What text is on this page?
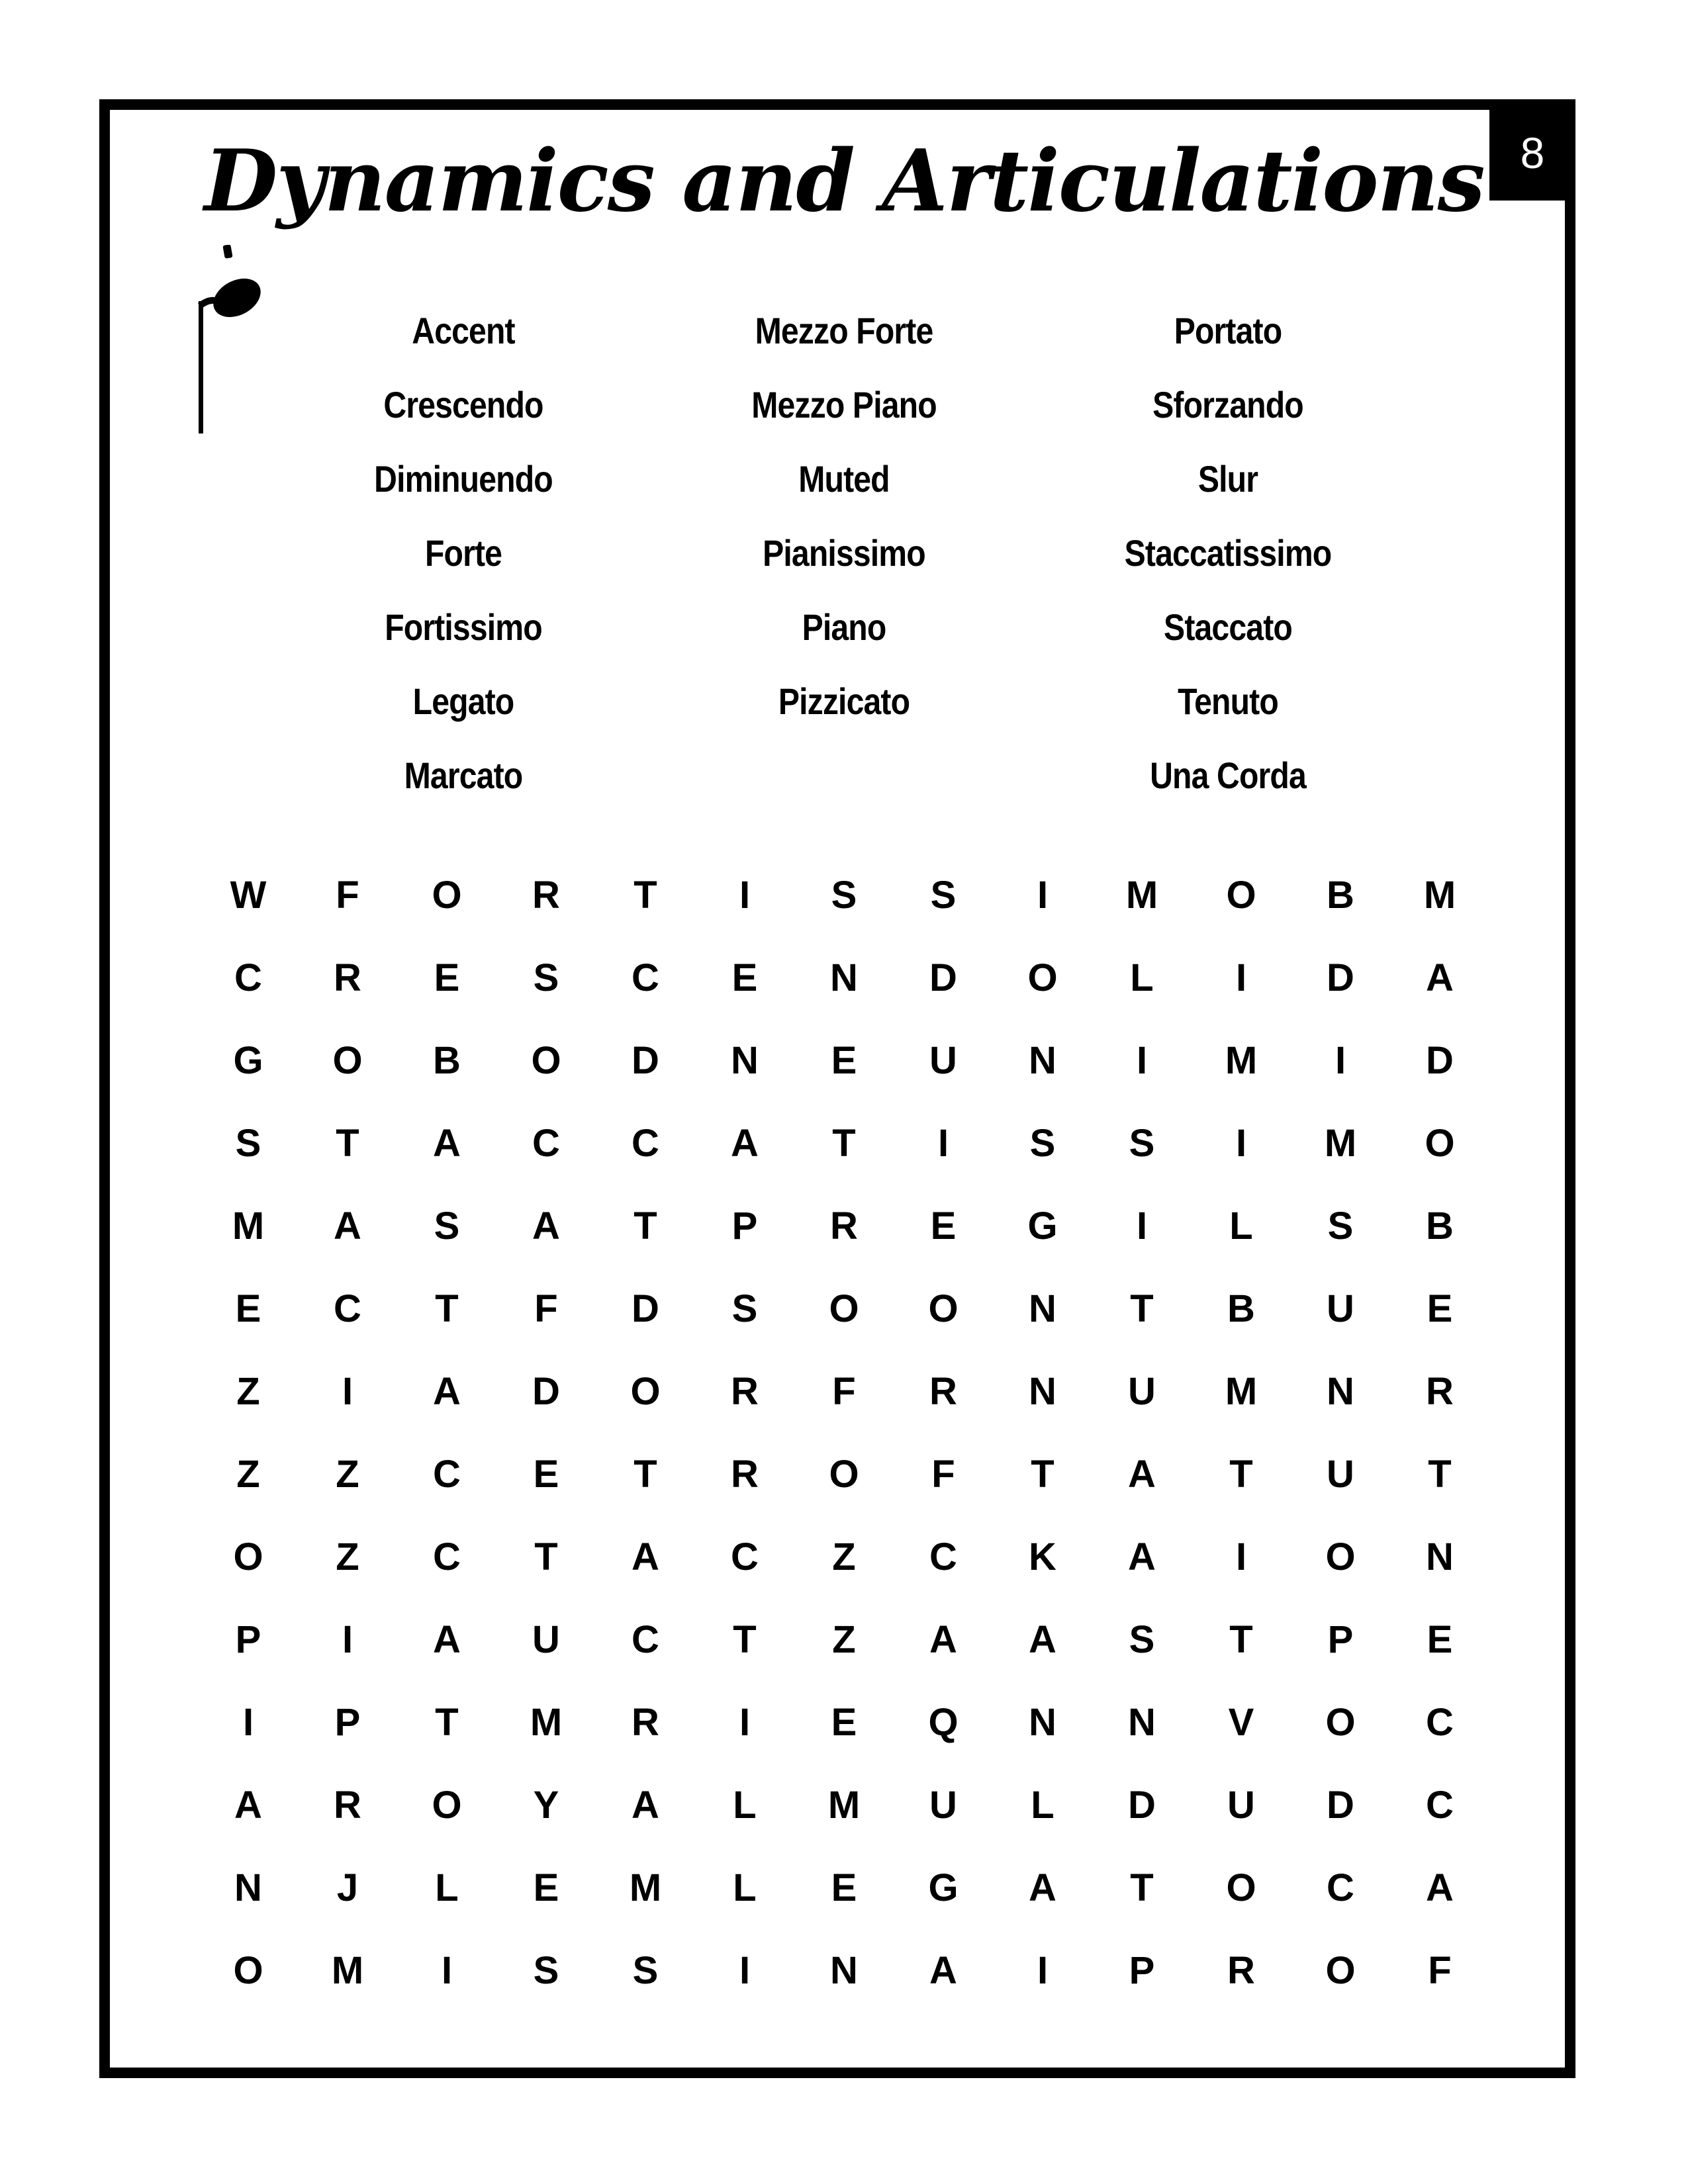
8
Dynamics and Articulations
Accent
Crescendo
Diminuendo
Forte
Fortissimo
Legato
Marcato
Mezzo Forte
Mezzo Piano
Muted
Pianissimo
Piano
Pizzicato
Portato
Sforzando
Slur
Staccatissimo
Staccato
Tenuto
Una Corda
W	F	O	R	T	I	S	S	I	M	O	B	M
C	R	E	S	C	E	N	D	O	L	I	D	A
G	O	B	O	D	N	E	U	N	I	M	I	D
S	T	A	C	C	A	T	I	S	S	I	M	O
M	A	S	A	T	P	R	E	G	I	L	S	B
E	C	T	F	D	S	O	O	N	T	B	U	E
Z	I	A	D	O	R	F	R	N	U	M	N	R
Z	Z	C	E	T	R	O	F	T	A	T	U	T
O	Z	C	T	A	C	Z	C	K	A	I	O	N
P	I	A	U	C	T	Z	A	A	S	T	P	E
I	P	T	M	R	I	E	Q	N	N	V	O	C
A	R	O	Y	A	L	M	U	L	D	U	D	C
N	J	L	E	M	L	E	G	A	T	O	C	A
O	M	I	S	S	I	N	A	I	P	R	O	F
